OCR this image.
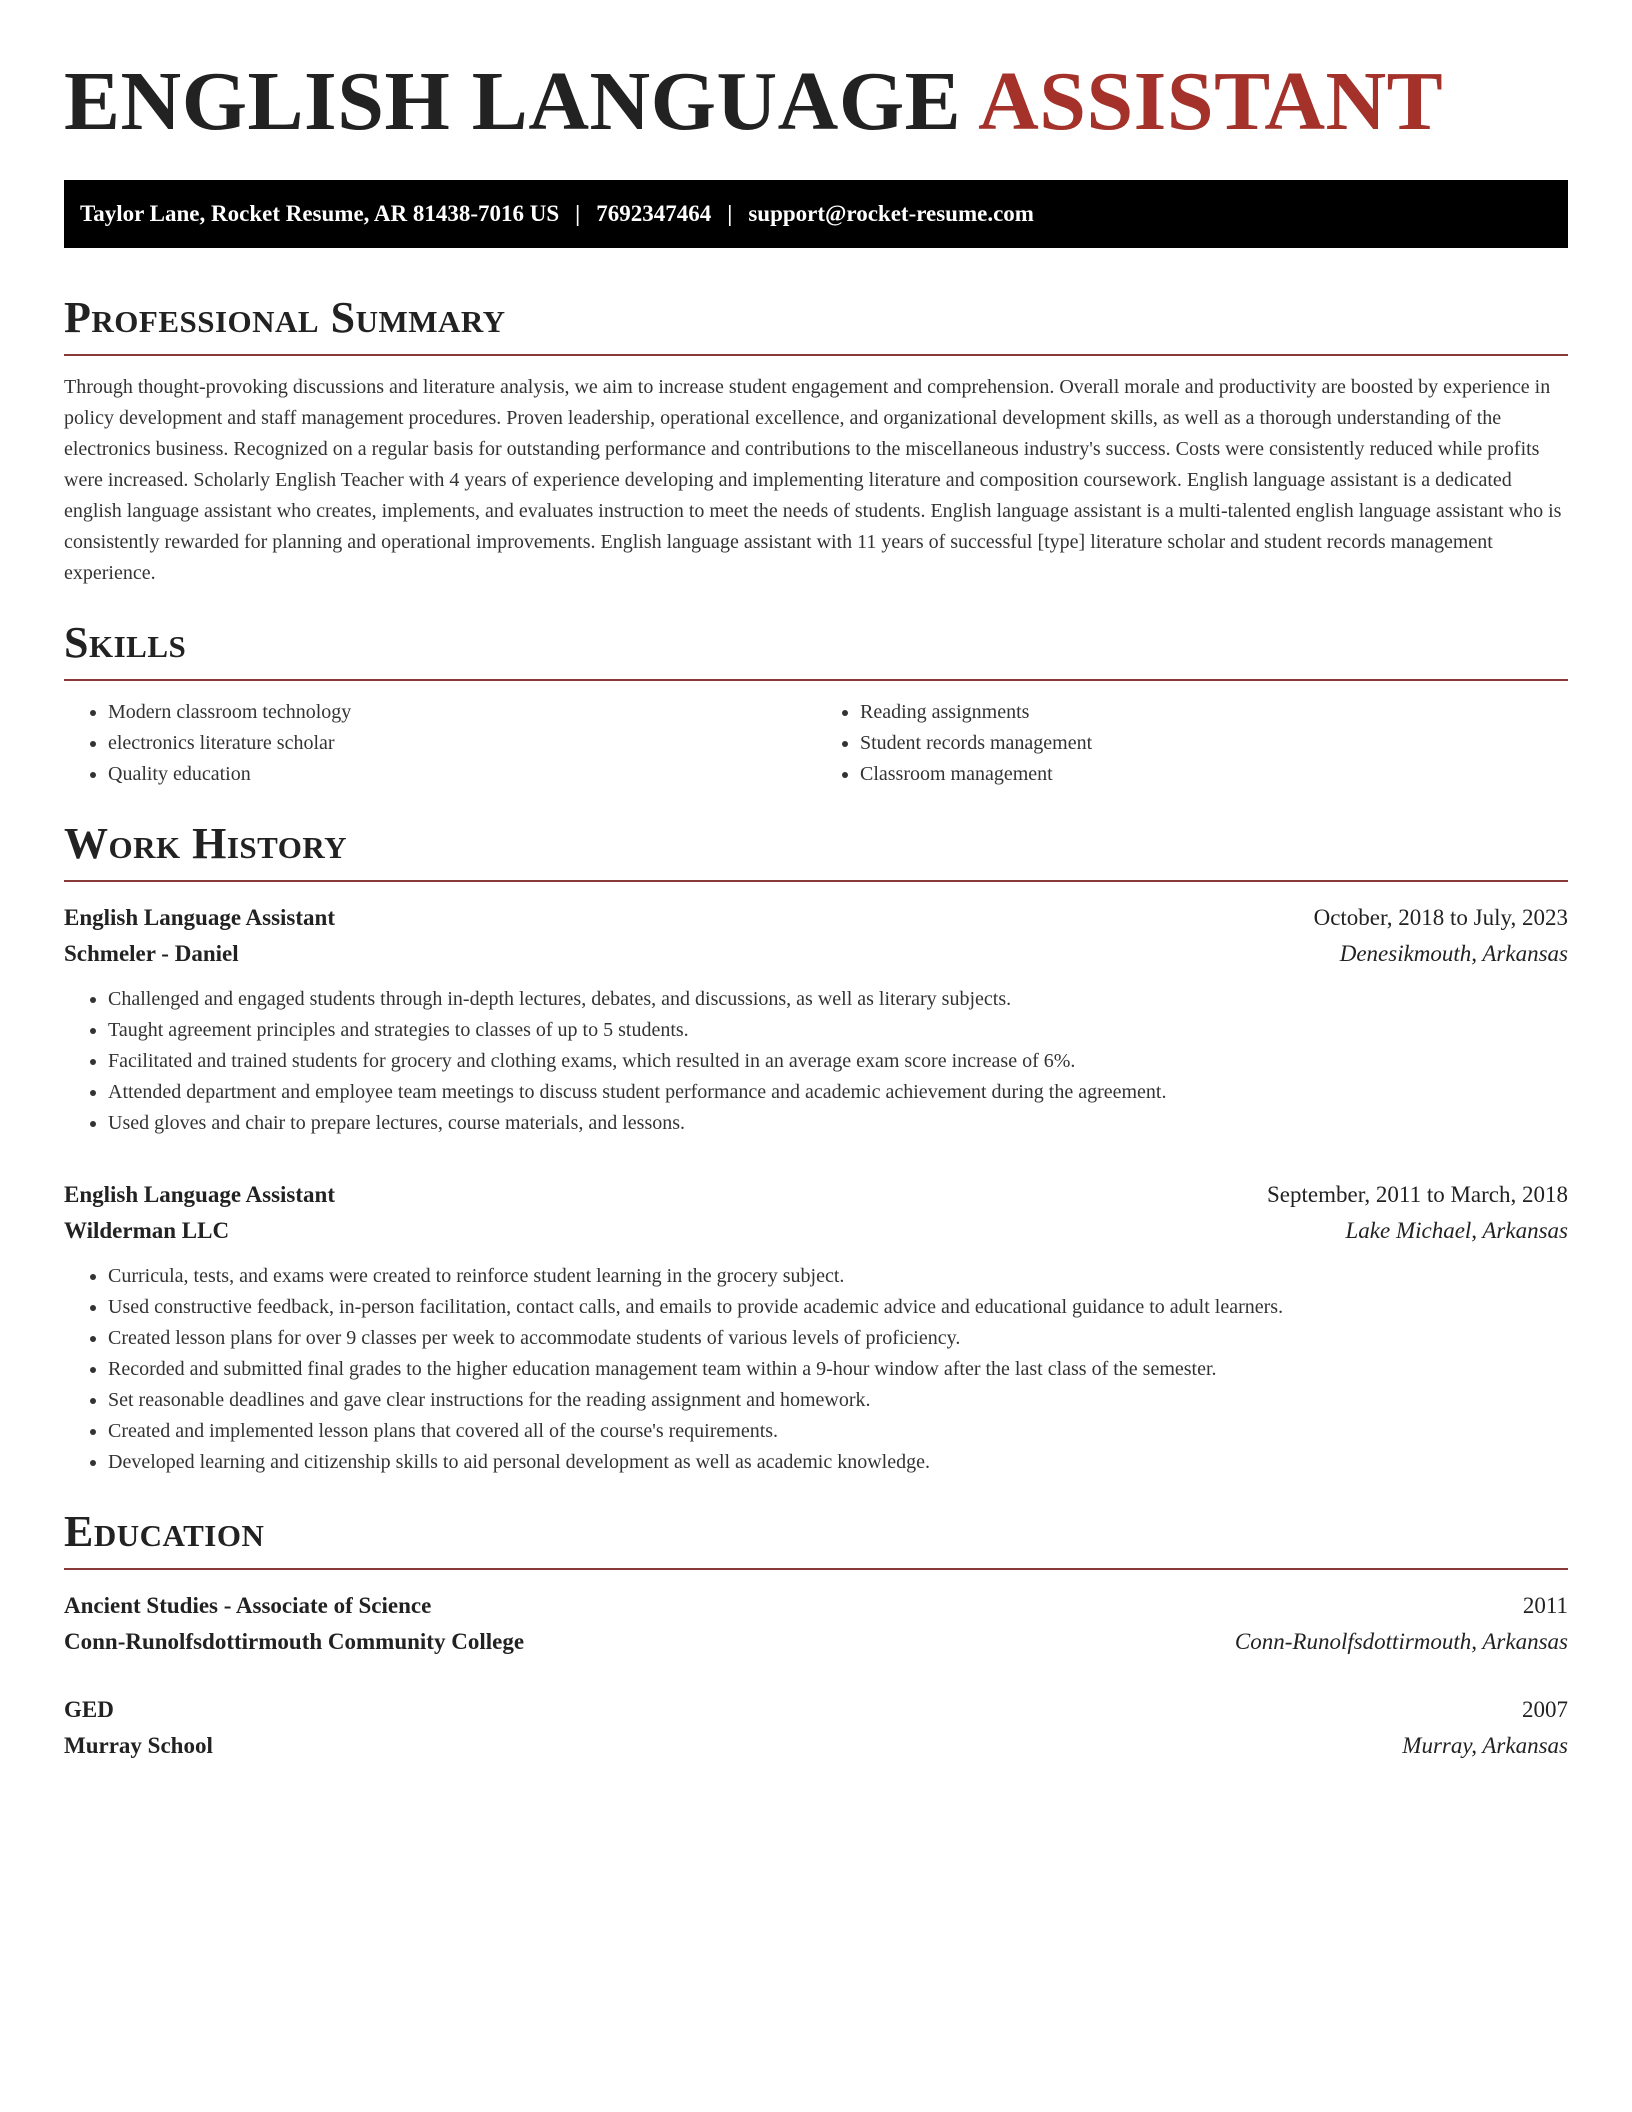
ENGLISH LANGUAGE ASSISTANT
Taylor Lane, Rocket Resume, AR 81438-7016 US | 7692347464 | support@rocket-resume.com
Professional Summary

Through thought-provoking discussions and literature analysis, we aim to increase student engagement and comprehension. Overall morale and productivity are boosted by experience in policy development and staff management procedures. Proven leadership, operational excellence, and organizational development skills, as well as a thorough understanding of the electronics business. Recognized on a regular basis for outstanding performance and contributions to the miscellaneous industry's success. Costs were consistently reduced while profits were increased. Scholarly English Teacher with 4 years of experience developing and implementing literature and composition coursework. English language assistant is a dedicated english language assistant who creates, implements, and evaluates instruction to meet the needs of students. English language assistant is a multi-talented english language assistant who is consistently rewarded for planning and operational improvements. English language assistant with 11 years of successful [type] literature scholar and student records management experience.

Skills
• Modern classroom technology
• electronics literature scholar
• Quality education
• Reading assignments
• Student records management
• Classroom management
Work History
English Language Assistant	October, 2018 to July, 2023
Schmeler - Daniel	Denesikmouth, Arkansas
• Challenged and engaged students through in-depth lectures, debates, and discussions, as well as literary subjects.
• Taught agreement principles and strategies to classes of up to 5 students.
• Facilitated and trained students for grocery and clothing exams, which resulted in an average exam score increase of 6%.
• Attended department and employee team meetings to discuss student performance and academic achievement during the agreement.
• Used gloves and chair to prepare lectures, course materials, and lessons.
English Language Assistant	September, 2011 to March, 2018
Wilderman LLC	Lake Michael, Arkansas
• Curricula, tests, and exams were created to reinforce student learning in the grocery subject.
• Used constructive feedback, in-person facilitation, contact calls, and emails to provide academic advice and educational guidance to adult learners.
• Created lesson plans for over 9 classes per week to accommodate students of various levels of proficiency.
• Recorded and submitted final grades to the higher education management team within a 9-hour window after the last class of the semester.
• Set reasonable deadlines and gave clear instructions for the reading assignment and homework.
• Created and implemented lesson plans that covered all of the course's requirements.
• Developed learning and citizenship skills to aid personal development as well as academic knowledge.
Education
Ancient Studies - Associate of Science	2011
Conn-Runolfsdottirmouth Community College	Conn-Runolfsdottirmouth, Arkansas
GED	2007
Murray School	Murray, Arkansas
